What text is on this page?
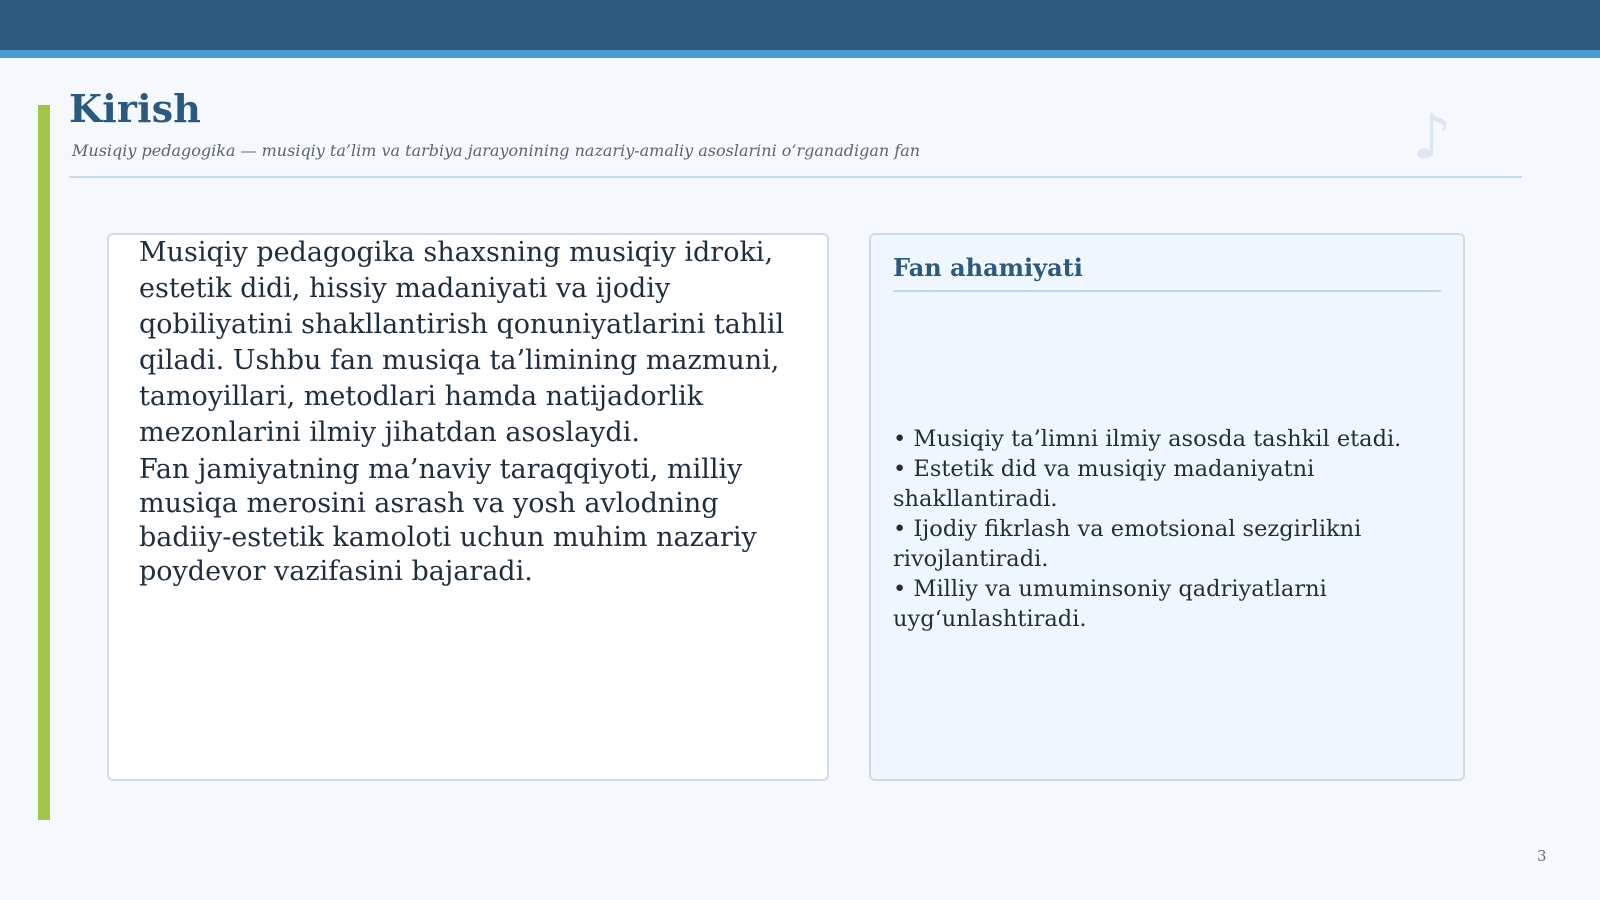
Kirish
Musiqiy pedagogika — musiqiy ta’lim va tarbiya jarayonining nazariy-amaliy asoslarini o‘rganadigan fan	♪

Musiqiy pedagogika shaxsning musiqiy idroki, estetik didi, hissiy madaniyati va ijodiy qobiliyatini shakllantirish qonuniyatlarini tahlil qiladi. Ushbu fan musiqa ta’limining mazmuni, tamoyillari, metodlari hamda natijadorlik mezonlarini ilmiy jihatdan asoslaydi.

Fan jamiyatning ma’naviy taraqqiyoti, milliy musiqa merosini asrash va yosh avlodning badiiy-estetik kamoloti uchun muhim nazariy poydevor vazifasini bajaradi.

Fan ahamiyati
• Musiqiy ta’limni ilmiy asosda tashkil etadi.
• Estetik did va musiqiy madaniyatni shakllantiradi.
• Ijodiy fikrlash va emotsional sezgirlikni rivojlantiradi.
• Milliy va umuminsoniy qadriyatlarni uyg‘unlashtiradi.
3
